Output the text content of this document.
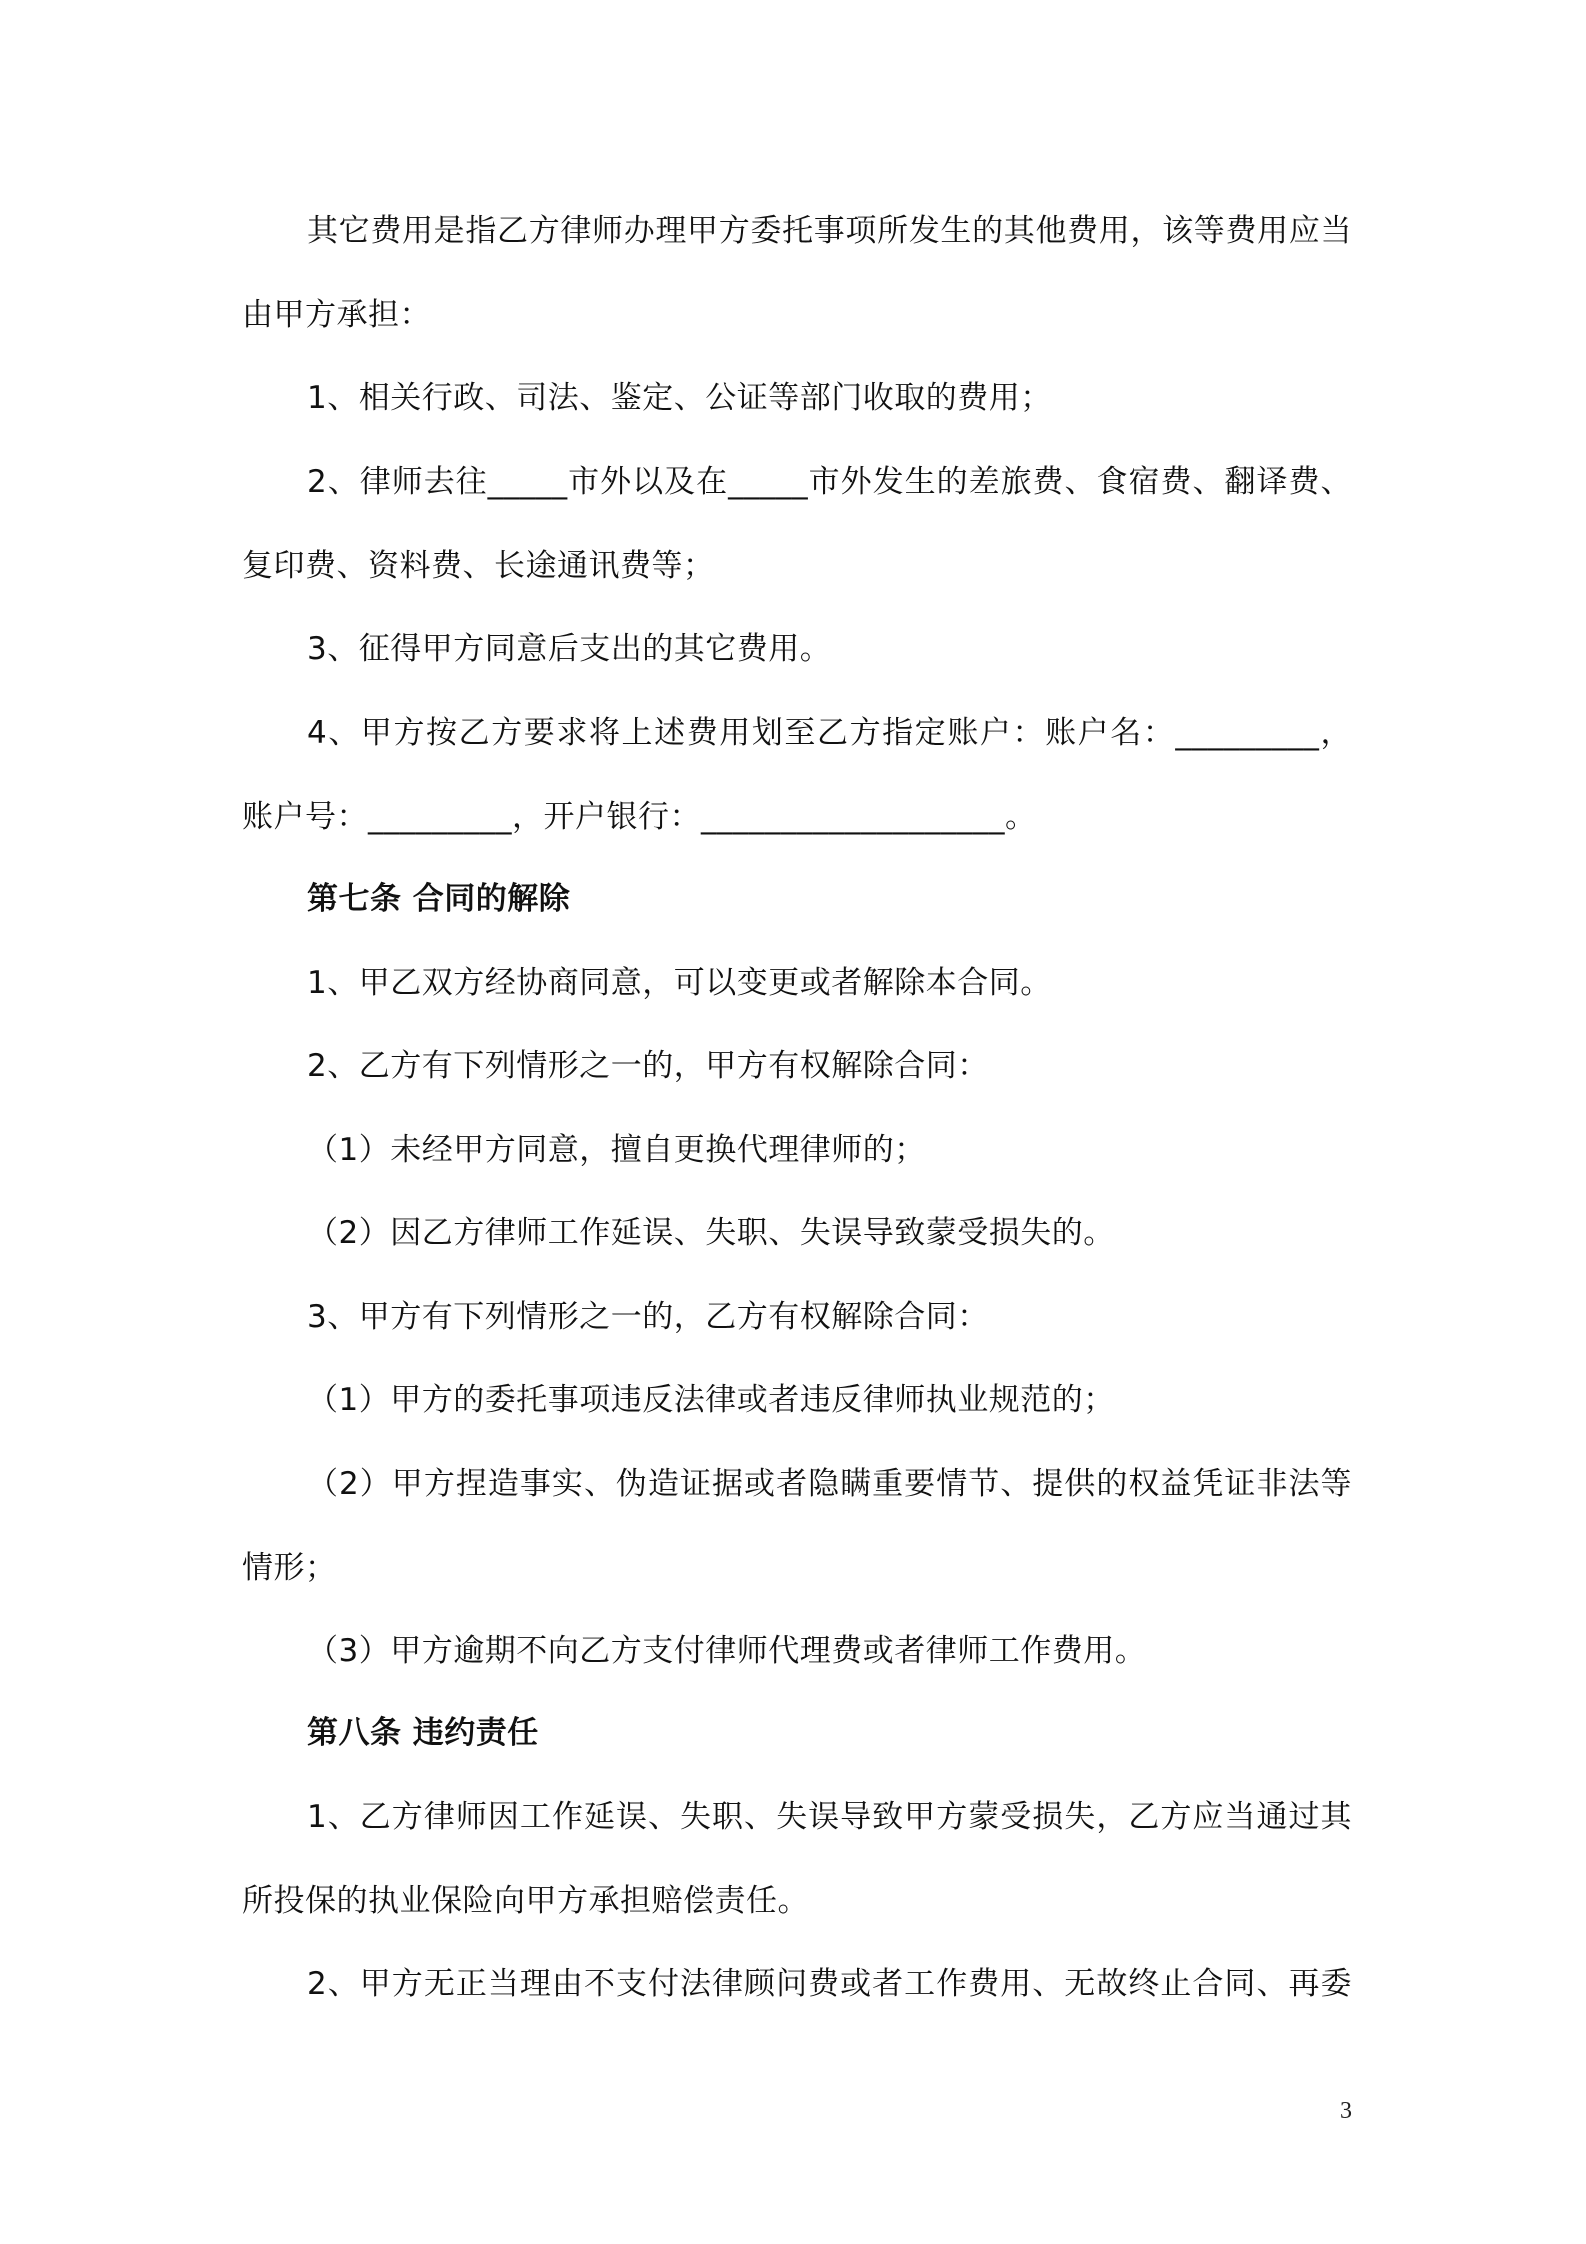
其它费用是指乙方律师办理甲方委托事项所发生的其他费用，该等费用应当
由甲方承担：
1、相关行政、司法、鉴定、公证等部门收取的费用；
2、律师去往_____市外以及在_____市外发生的差旅费、食宿费、翻译费、
复印费、资料费、长途通讯费等；
3、征得甲方同意后支出的其它费用。
4、甲方按乙方要求将上述费用划至乙方指定账户：账户名：_________，
账户号：_________，开户银行：___________________。
第七条 合同的解除
1、甲乙双方经协商同意，可以变更或者解除本合同。
2、乙方有下列情形之一的，甲方有权解除合同：
（1）未经甲方同意，擅自更换代理律师的；
（2）因乙方律师工作延误、失职、失误导致蒙受损失的。
3、甲方有下列情形之一的，乙方有权解除合同：
（1）甲方的委托事项违反法律或者违反律师执业规范的；
（2）甲方捏造事实、伪造证据或者隐瞒重要情节、提供的权益凭证非法等
情形；
（3）甲方逾期不向乙方支付律师代理费或者律师工作费用。
第八条 违约责任
1、乙方律师因工作延误、失职、失误导致甲方蒙受损失，乙方应当通过其
所投保的执业保险向甲方承担赔偿责任。
2、甲方无正当理由不支付法律顾问费或者工作费用、无故终止合同、再委
3
